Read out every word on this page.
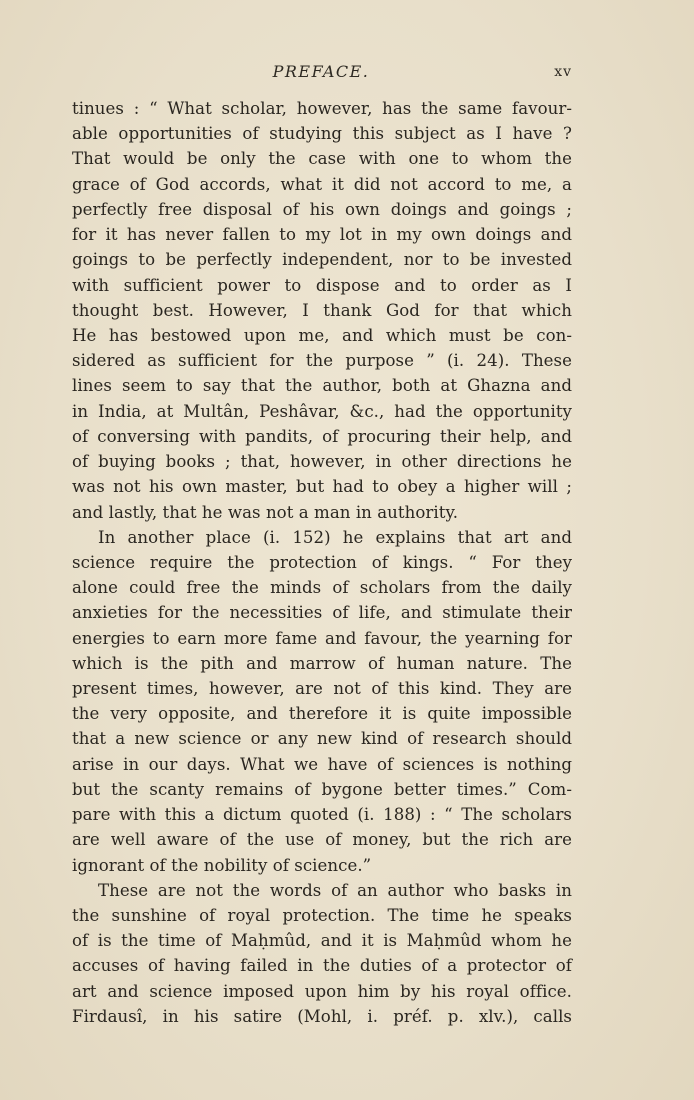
PREFACE.	xv
tinues : “ What scholar, however, has the same favour-
able opportunities of studying this subject as I have ?
That would be only the case with one to whom the
grace of God accords, what it did not accord to me, a
perfectly free disposal of his own doings and goings ;
for it has never fallen to my lot in my own doings and
goings to be perfectly independent, nor to be invested
with sufficient power to dispose and to order as I
thought best. However, I thank God for that which
He has bestowed upon me, and which must be con-
sidered as sufficient for the purpose ” (i. 24). These
lines seem to say that the author, both at Ghazna and
in India, at Multân, Peshâvar, &c., had the opportunity
of conversing with pandits, of procuring their help, and
of buying books ; that, however, in other directions he
was not his own master, but had to obey a higher will ;
and lastly, that he was not a man in authority.
In another place (i. 152) he explains that art and
science require the protection of kings. “ For they
alone could free the minds of scholars from the daily
anxieties for the necessities of life, and stimulate their
energies to earn more fame and favour, the yearning for
which is the pith and marrow of human nature. The
present times, however, are not of this kind. They are
the very opposite, and therefore it is quite impossible
that a new science or any new kind of research should
arise in our days. What we have of sciences is nothing
but the scanty remains of bygone better times.” Com-
pare with this a dictum quoted (i. 188) : “ The scholars
are well aware of the use of money, but the rich are
ignorant of the nobility of science.”
These are not the words of an author who basks in
the sunshine of royal protection. The time he speaks
of is the time of Maḥmûd, and it is Maḥmûd whom he
accuses of having failed in the duties of a protector of
art and science imposed upon him by his royal office.
Firdausî, in his satire (Mohl, i. préf. p. xlv.), calls
